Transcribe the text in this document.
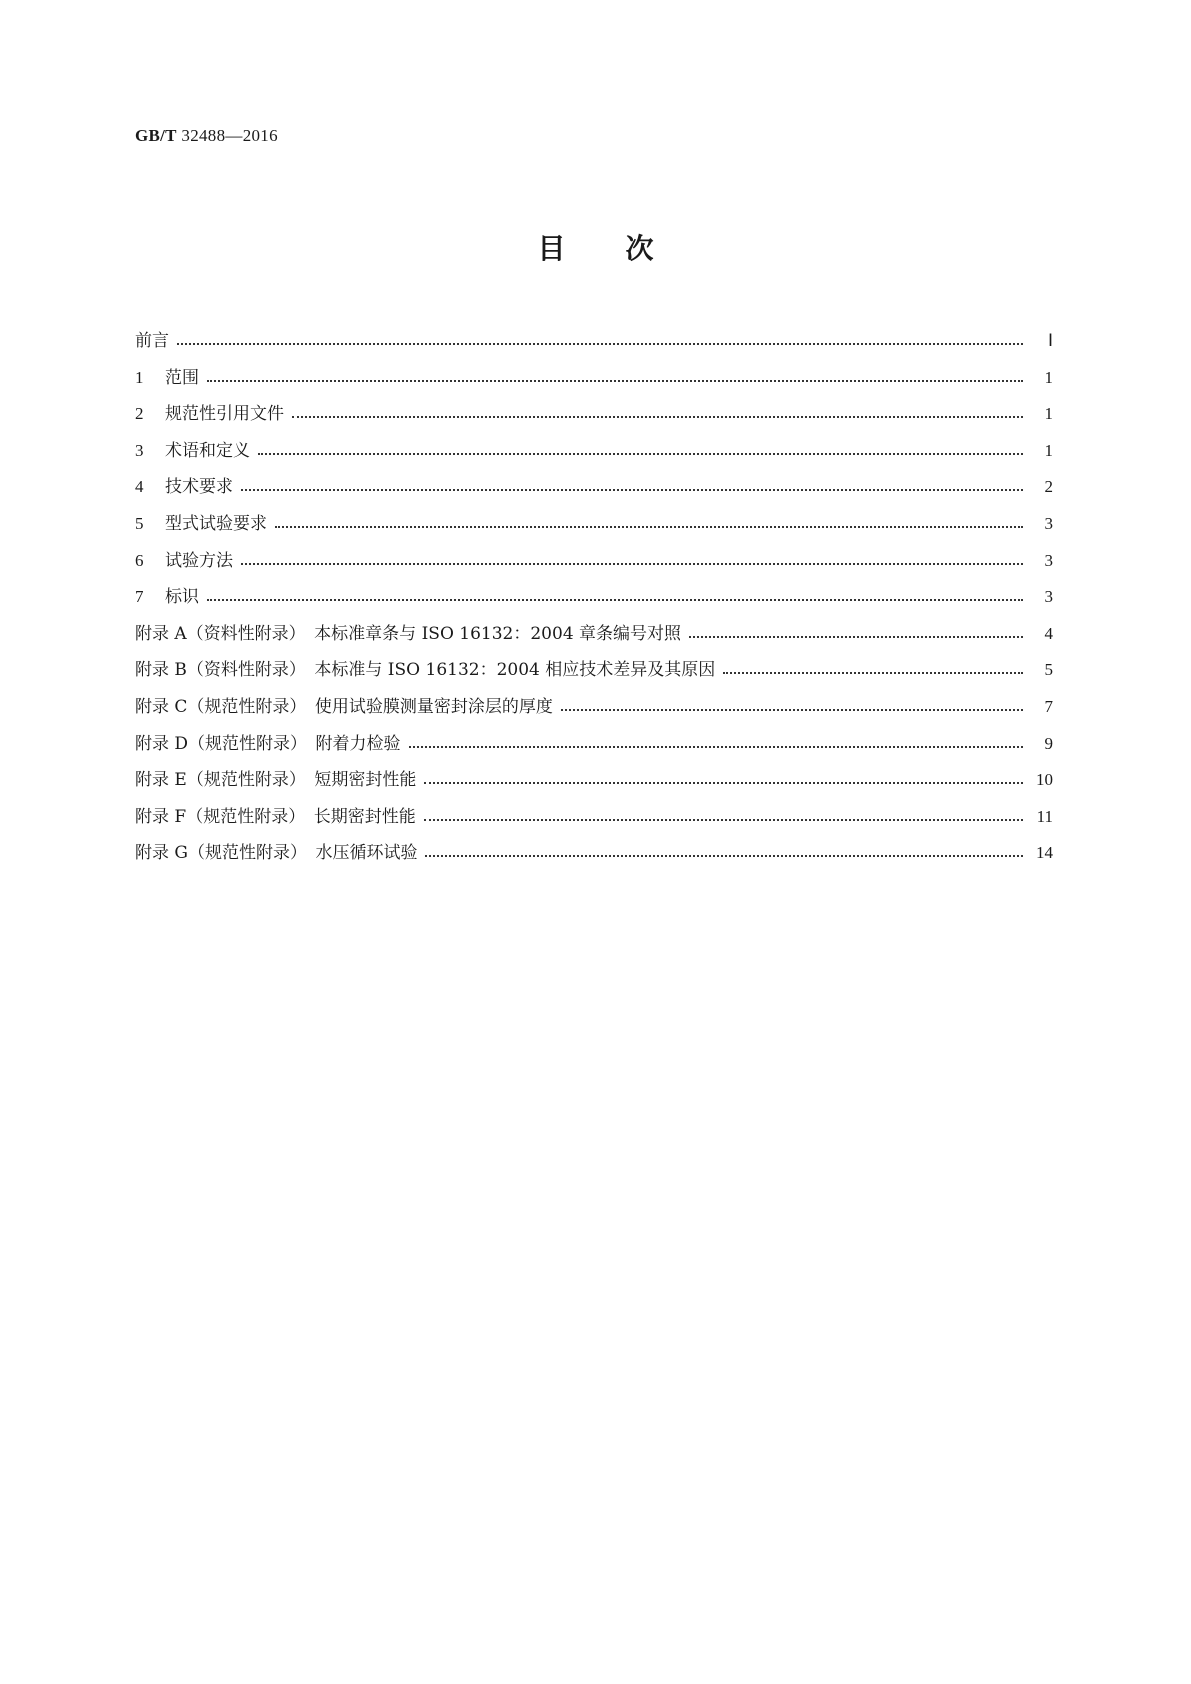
GB/T 32488—2016
目次
前言	Ⅰ
1 范围	1
2 规范性引用文件	1
3 术语和定义	1
4 技术要求	2
5 型式试验要求	3
6 试验方法	3
7 标识	3
附录 A（资料性附录）　本标准章条与 ISO 16132：2004 章条编号对照	4
附录 B（资料性附录）　本标准与 ISO 16132：2004 相应技术差异及其原因	5
附录 C（规范性附录）　使用试验膜测量密封涂层的厚度	7
附录 D（规范性附录）　附着力检验	9
附录 E（规范性附录）　短期密封性能	10
附录 F（规范性附录）　长期密封性能	11
附录 G（规范性附录）　水压循环试验	14
